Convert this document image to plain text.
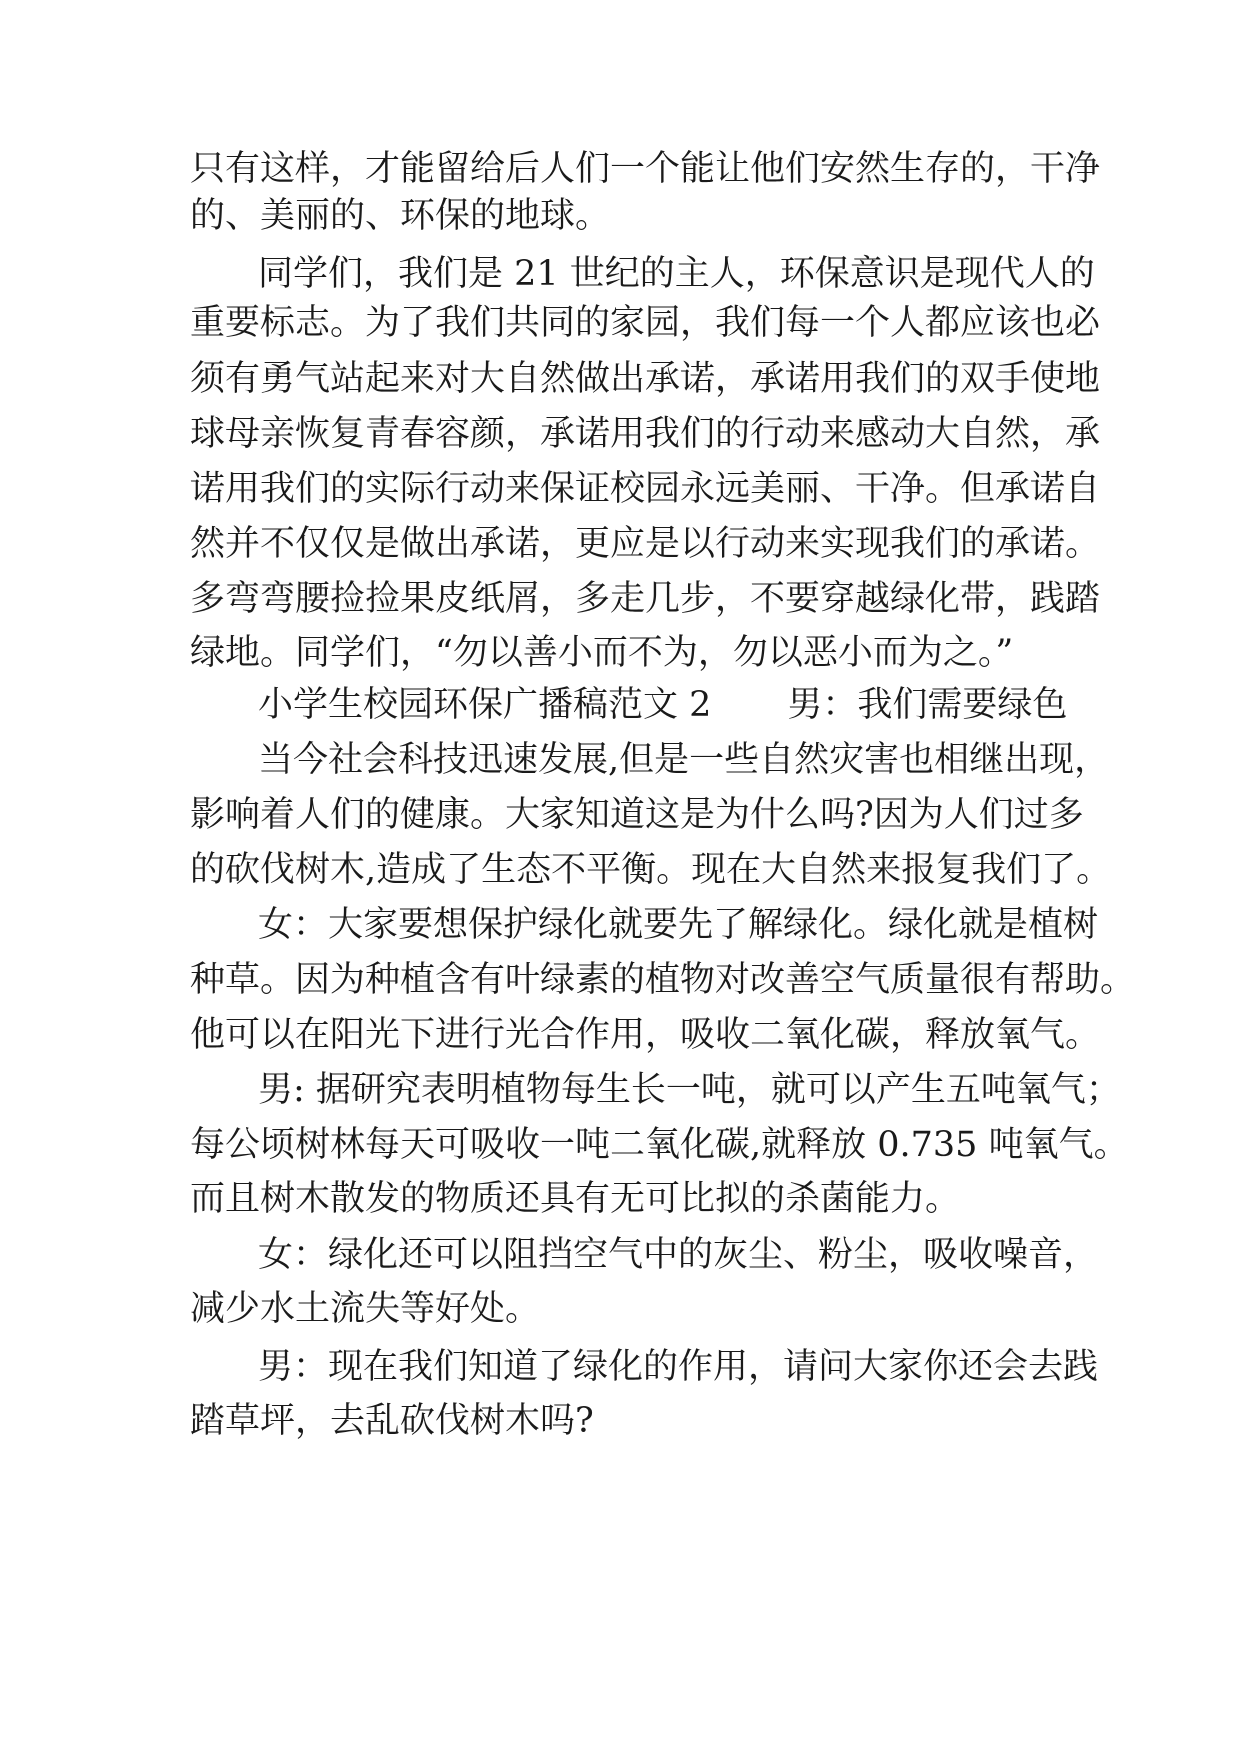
只有这样，才能留给后人们一个能让他们安然生存的，干净
的、美丽的、环保的地球。
同学们，我们是 21 世纪的主人，环保意识是现代人的
重要标志。为了我们共同的家园，我们每一个人都应该也必
须有勇气站起来对大自然做出承诺，承诺用我们的双手使地
球母亲恢复青春容颜，承诺用我们的行动来感动大自然，承
诺用我们的实际行动来保证校园永远美丽、干净。但承诺自
然并不仅仅是做出承诺，更应是以行动来实现我们的承诺。
多弯弯腰捡捡果皮纸屑，多走几步，不要穿越绿化带，践踏
绿地。同学们，“勿以善小而不为，勿以恶小而为之。”
小学生校园环保广播稿范文 2 男：我们需要绿色
当今社会科技迅速发展,但是一些自然灾害也相继出现，
影响着人们的健康。大家知道这是为什么吗?因为人们过多
的砍伐树木,造成了生态不平衡。现在大自然来报复我们了。
女：大家要想保护绿化就要先了解绿化。绿化就是植树
种草。因为种植含有叶绿素的植物对改善空气质量很有帮助。
他可以在阳光下进行光合作用，吸收二氧化碳，释放氧气。
男: 据研究表明植物每生长一吨，就可以产生五吨氧气；
每公顷树林每天可吸收一吨二氧化碳,就释放 0.735 吨氧气。
而且树木散发的物质还具有无可比拟的杀菌能力。
女：绿化还可以阻挡空气中的灰尘、粉尘，吸收噪音，
减少水土流失等好处。
男：现在我们知道了绿化的作用，请问大家你还会去践
踏草坪，去乱砍伐树木吗?
